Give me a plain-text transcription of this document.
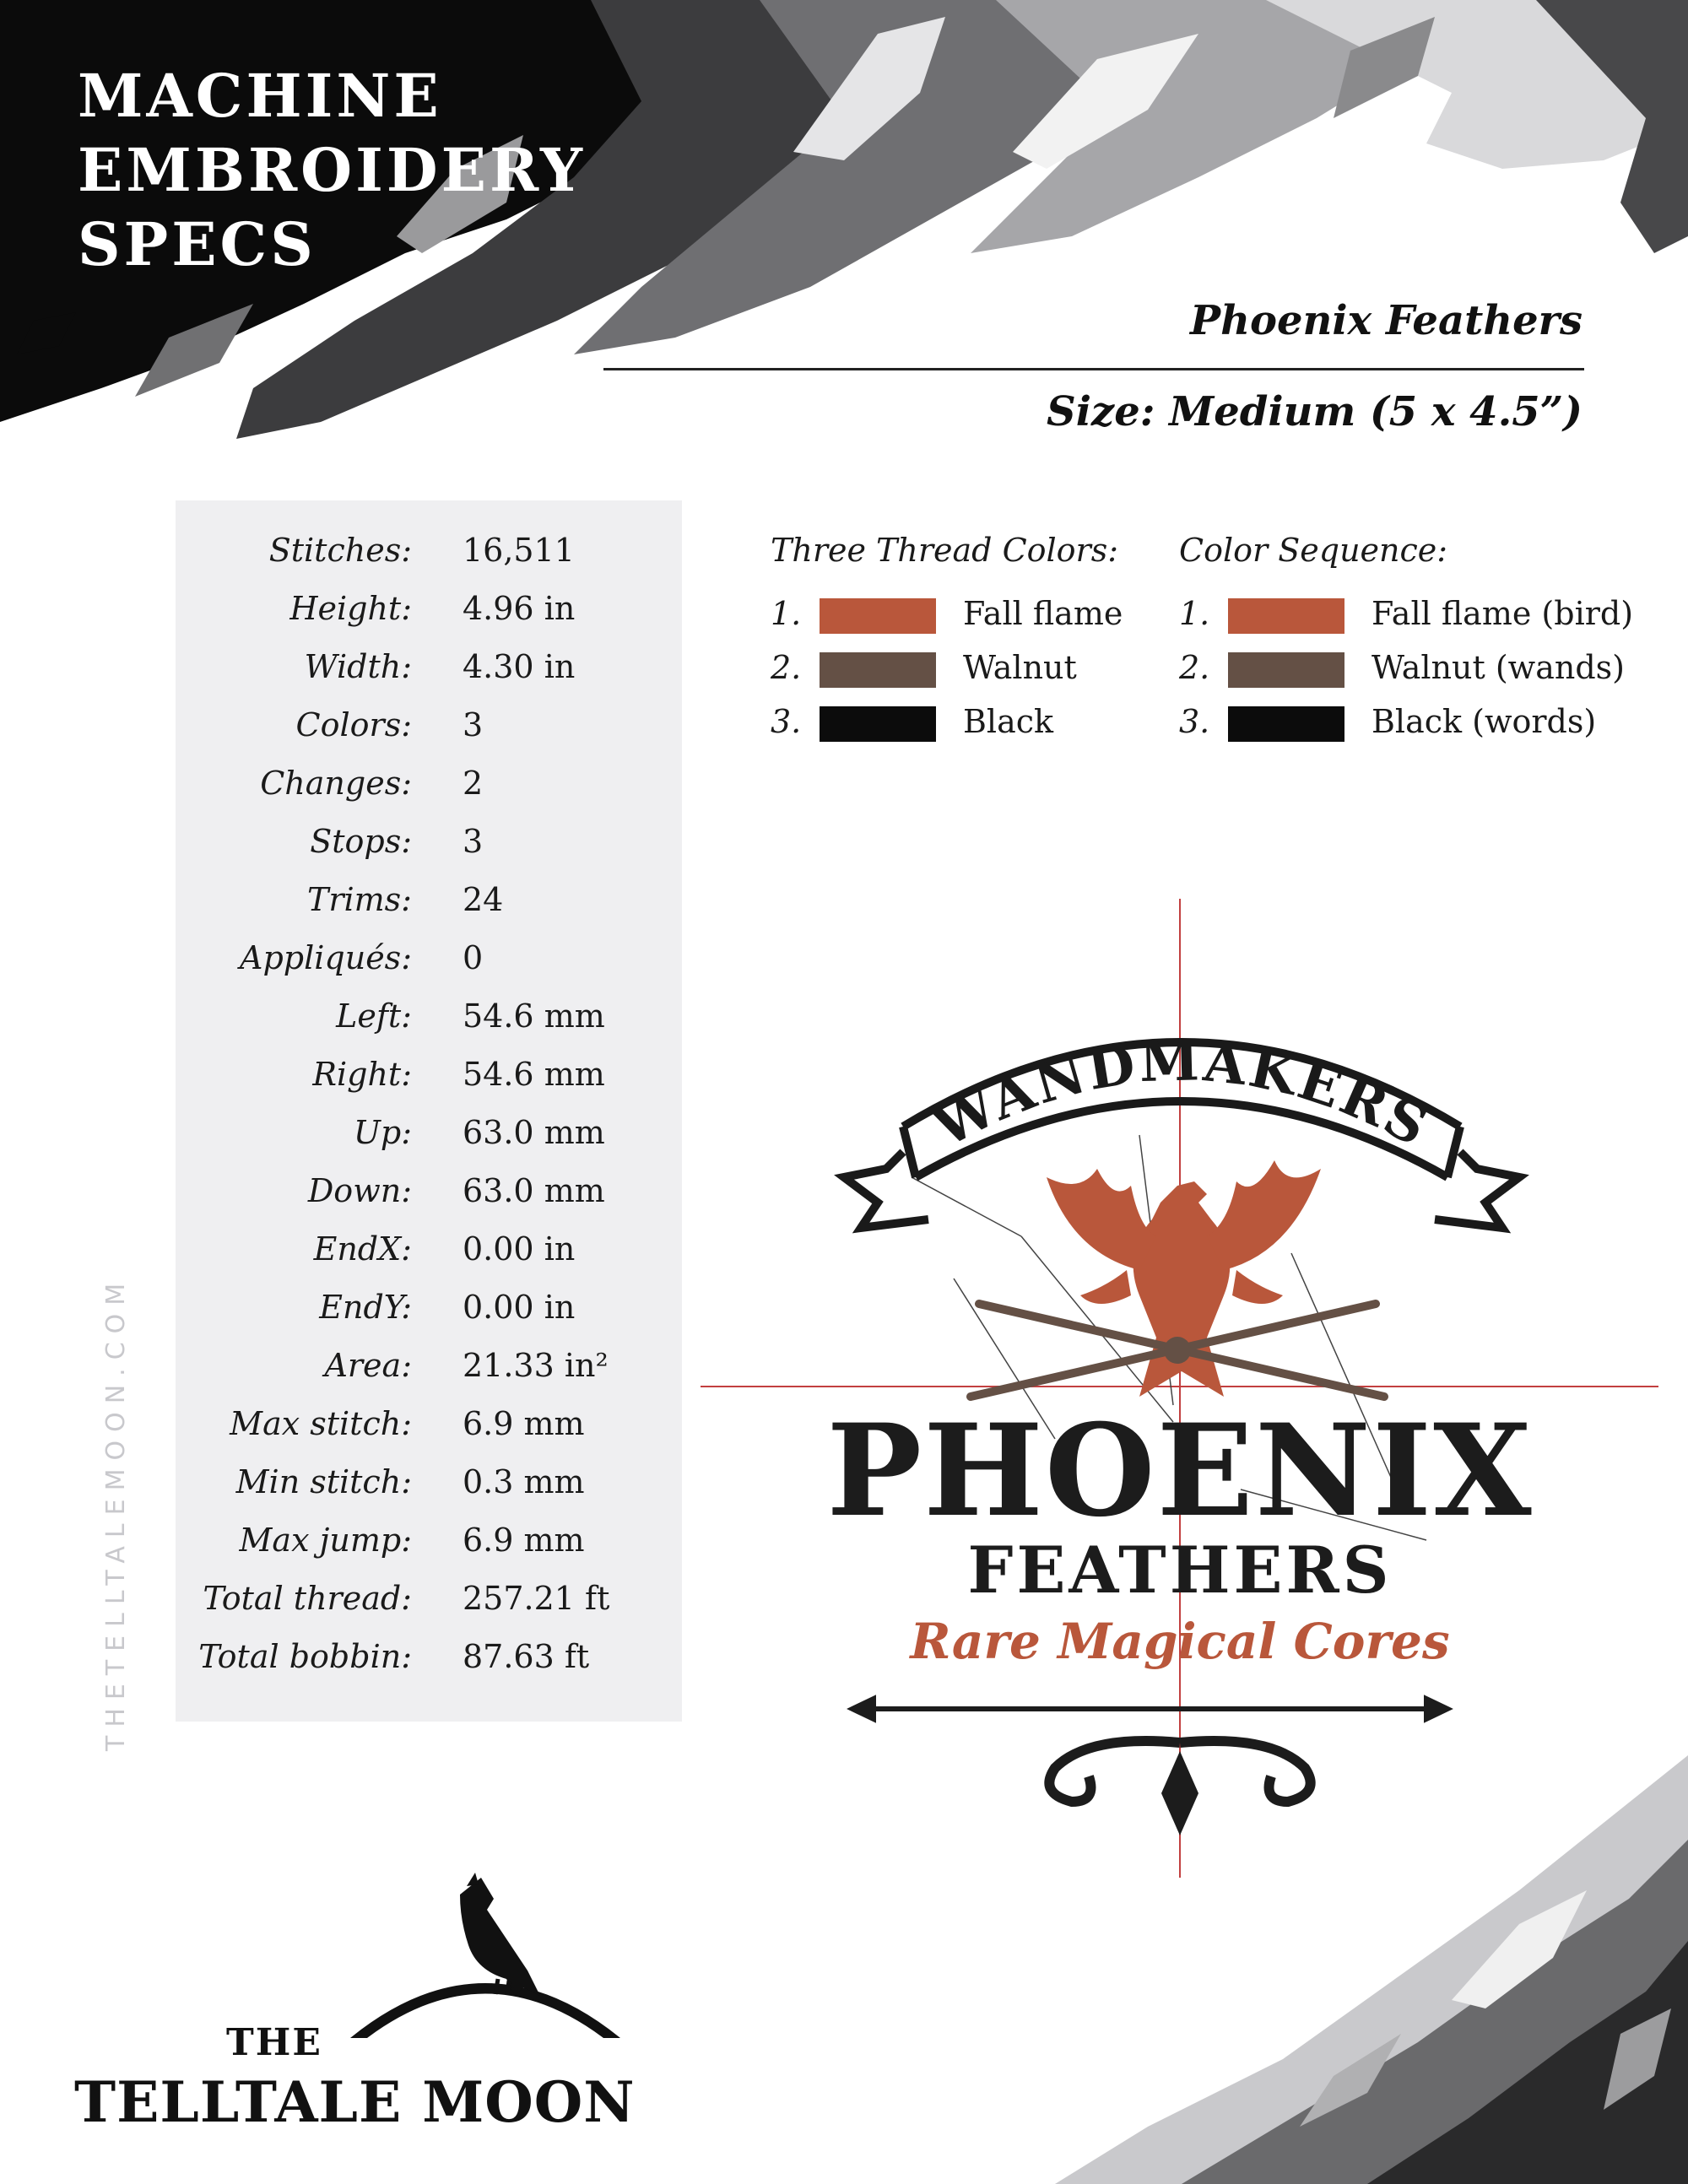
MACHINE
EMBROIDERY
SPECS
Phoenix Feathers
Size: Medium (5 x 4.5”)
Stitches: 16,511
Height: 4.96 in
Width: 4.30 in
Colors: 3
Changes: 2
Stops: 3
Trims: 24
Appliqués: 0
Left: 54.6 mm
Right: 54.6 mm
Up: 63.0 mm
Down: 63.0 mm
EndX: 0.00 in
EndY: 0.00 in
Area: 21.33 in²
Max stitch: 6.9 mm
Min stitch: 0.3 mm
Max jump: 6.9 mm
Total thread: 257.21 ft
Total bobbin: 87.63 ft
Three Thread Colors:
1.	Fall flame
2.	Walnut
3.	Black
Color Sequence:
1.	Fall flame (bird)
2.	Walnut (wands)
3.	Black (words)
WANDMAKERS
PHOENIX
FEATHERS
Rare Magical Cores
THETELLTALEMOON.COM
THE
TELLTALE MOON
